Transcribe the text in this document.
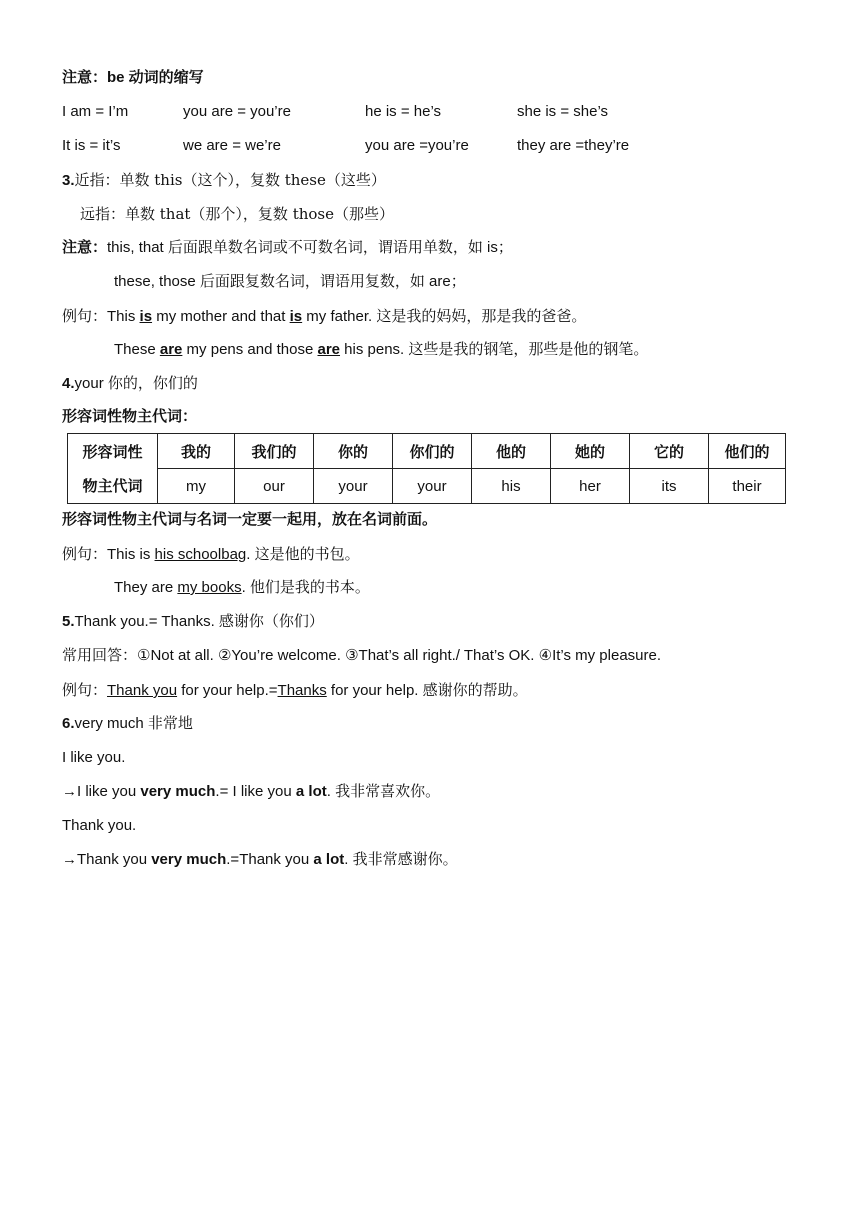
注意：be 动词的缩写
I am = I’m	you are = you’re	he is = he’s	she is = she’s
It is = it’s	we are = we’re	you are =you’re	they are =they’re
3.近指：单数 this（这个），复数 these（这些）
远指：单数 that（那个），复数 those（那些）
注意：this, that 后面跟单数名词或不可数名词，谓语用单数，如 is；
these, those 后面跟复数名词，谓语用复数，如 are；
例句：This is my mother and that is my father. 这是我的妈妈，那是我的爸爸。
These are my pens and those are his pens. 这些是我的钢笔，那些是他的钢笔。
4.your 你的，你们的
形容词性物主代词：
形容词性	我的	我们的	你的	你们的	他的	她的	它的	他们的
物主代词	my	our	your	your	his	her	its	their
形容词性物主代词与名词一定要一起用，放在名词前面。
例句：This is his schoolbag. 这是他的书包。
They are my books. 他们是我的书本。
5.Thank you.= Thanks. 感谢你（你们）
常用回答：①Not at all. ②You’re welcome. ③That’s all right./ That’s OK. ④It’s my pleasure.
例句：Thank you for your help.=Thanks for your help. 感谢你的帮助。
6.very much 非常地
I like you.
→I like you very much.= I like you a lot. 我非常喜欢你。
Thank you.
→Thank you very much.=Thank you a lot. 我非常感谢你。
